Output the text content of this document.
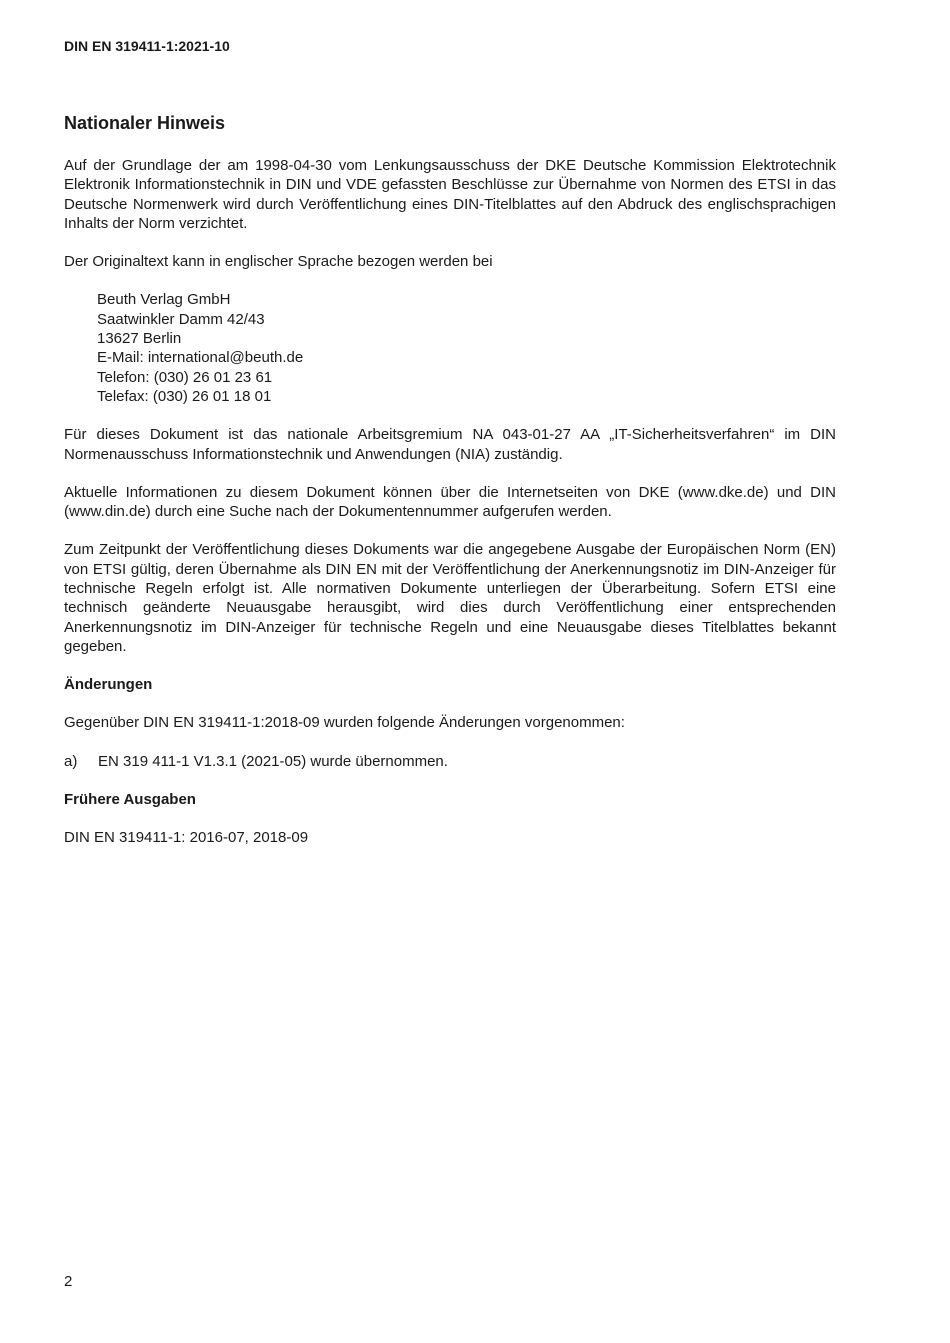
DIN EN 319411-1:2021-10
Nationaler Hinweis

Auf der Grundlage der am 1998-04-30 vom Lenkungsausschuss der DKE Deutsche Kommission Elektrotechnik Elektronik Informationstechnik in DIN und VDE gefassten Beschlüsse zur Übernahme von Normen des ETSI in das Deutsche Normenwerk wird durch Veröffentlichung eines DIN-Titelblattes auf den Abdruck des englischsprachigen Inhalts der Norm verzichtet.

Der Originaltext kann in englischer Sprache bezogen werden bei

Beuth Verlag GmbH
Saatwinkler Damm 42/43
13627 Berlin
E-Mail: international@beuth.de
Telefon: (030) 26 01 23 61
Telefax: (030) 26 01 18 01

Für dieses Dokument ist das nationale Arbeitsgremium NA 043-01-27 AA „IT-Sicherheitsverfahren“ im DIN Normenausschuss Informationstechnik und Anwendungen (NIA) zuständig.

Aktuelle Informationen zu diesem Dokument können über die Internetseiten von DKE (www.dke.de) und DIN (www.din.de) durch eine Suche nach der Dokumentennummer aufgerufen werden.

Zum Zeitpunkt der Veröffentlichung dieses Dokuments war die angegebene Ausgabe der Europäischen Norm (EN) von ETSI gültig, deren Übernahme als DIN EN mit der Veröffentlichung der Anerkennungsnotiz im DIN-Anzeiger für technische Regeln erfolgt ist. Alle normativen Dokumente unterliegen der Überarbeitung. Sofern ETSI eine technisch geänderte Neuausgabe herausgibt, wird dies durch Veröffentlichung einer entsprechenden Anerkennungsnotiz im DIN-Anzeiger für technische Regeln und eine Neuausgabe dieses Titelblattes bekannt gegeben.

Änderungen

Gegenüber DIN EN 319411-1:2018-09 wurden folgende Änderungen vorgenommen:

a)	EN 319 411-1 V1.3.1 (2021-05) wurde übernommen.
Frühere Ausgaben

DIN EN 319411-1: 2016-07, 2018-09

2
